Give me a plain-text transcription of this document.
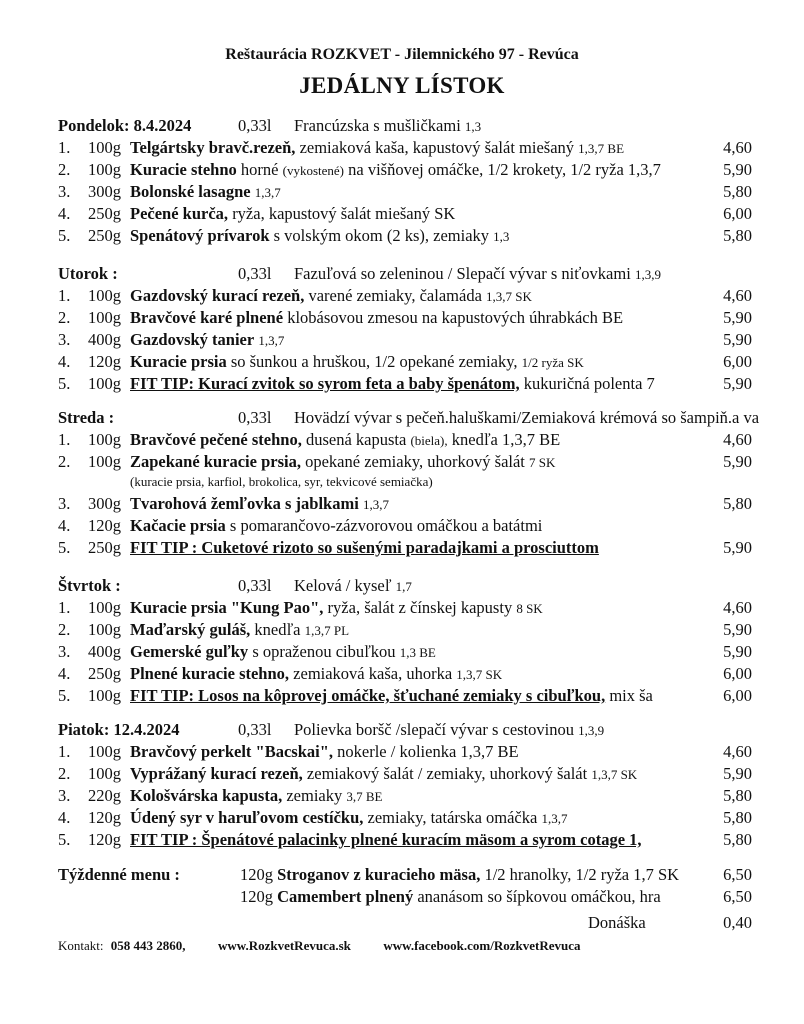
Reštaurácia ROZKVET - Jilemnického 97 - Revúca
JEDÁLNY LÍSTOK
Pondelok: 8.4.2024	0,33l Francúzska s mušličkami 1,3
1.	100g Telgártsky bravč.rezeň, zemiaková kaša, kapustový šalát miešaný 1,3,7 BE	4,60
2.	100g Kuracie stehno horné (vykostené) na višňovej omáčke, 1/2 krokety, 1/2 ryža 1,3,7	5,90
3.	300g Bolonské lasagne 1,3,7	5,80
4.	250g Pečené kurča, ryža, kapustový šalát miešaný SK	6,00
5.	250g Spenátový prívarok s volským okom (2 ks), zemiaky 1,3	5,80
Utorok :	0,33l Fazuľová so zeleninou / Slepačí vývar s niťovkami 1,3,9
1.	100g Gazdovský kurací rezeň, varené zemiaky, čalamáda 1,3,7 SK	4,60
2.	100g Bravčové karé plnené klobásovou zmesou na kapustových úhrabkách BE	5,90
3.	400g Gazdovský tanier 1,3,7	5,90
4.	120g Kuracie prsia so šunkou a hruškou, 1/2 opekané zemiaky, 1/2 ryža SK	6,00
5.	100g FIT TIP: Kurací zvitok so syrom feta a baby špenátom, kukuričná polenta 7	5,90
Streda :	0,33l Hovädzí vývar s pečeň.haluškami/Zemiaková krémová so šampiň.a va
1.	100g Bravčové pečené stehno, dusená kapusta (biela), knedľa 1,3,7 BE	4,60
2.	100g Zapekané kuracie prsia, opekané zemiaky, uhorkový šalát 7 SK	5,90
(kuracie prsia, karfiol, brokolica, syr, tekvicové semiačka)
3.	300g Tvarohová žemľovka s jablkami 1,3,7	5,80
4.	120g Kačacie prsia s pomarančovo-zázvorovou omáčkou a batátmi
5.	250g FIT TIP : Cuketové rizoto so sušenými paradajkami a prosciuttom	5,90
Štvrtok :	0,33l Kelová / kyseľ 1,7
1.	100g Kuracie prsia "Kung Pao", ryža, šalát z čínskej kapusty 8 SK	4,60
2.	100g Maďarský guláš, knedľa 1,3,7 PL	5,90
3.	400g Gemerské guľky s opraženou cibuľkou 1,3 BE	5,90
4.	250g Plnené kuracie stehno, zemiaková kaša, uhorka 1,3,7 SK	6,00
5.	100g FIT TIP: Losos na kôprovej omáčke, šťuchané zemiaky s cibuľkou, mix ša	6,00
Piatok: 12.4.2024	0,33l Polievka boršč /slepačí vývar s cestovinou 1,3,9
1.	100g Bravčový perkelt "Bacskai", nokerle / kolienka 1,3,7 BE	4,60
2.	100g Vyprážaný kurací rezeň, zemiakový šalát / zemiaky, uhorkový šalát 1,3,7 SK	5,90
3.	220g Kološvárska kapusta, zemiaky 3,7 BE	5,80
4.	120g Údený syr v haruľovom cestíčku, zemiaky, tatárska omáčka 1,3,7	5,80
5.	120g FIT TIP : Špenátové palacinky plnené kuracím mäsom a syrom cotage 1,	5,80
Týždenné menu :	120g Stroganov z kuracieho mäsa, 1/2 hranolky, 1/2 ryža 1,7 SK	6,50
120g Camembert plnený ananásom so šípkovou omáčkou, hra	6,50
Donáška	0,40
Kontakt: 058 443 2860,	www.RozkvetRevuca.sk	www.facebook.com/RozkvetRevuca
